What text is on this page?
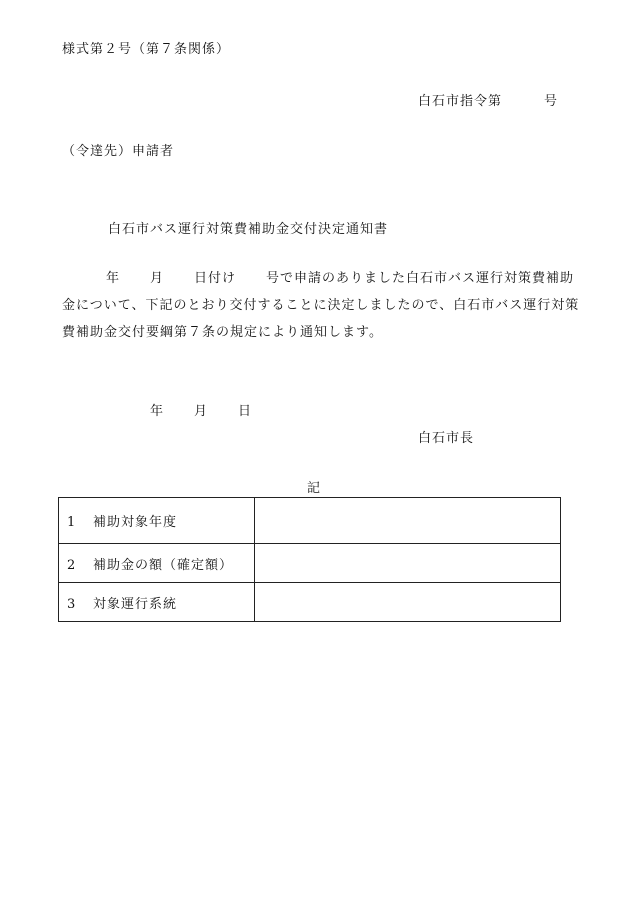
様式第２号（第７条関係）
白石市指令第	号
（令達先）申請者
白石市バス運行対策費補助金交付決定通知書
年 月 日付け 号で申請のありました白石市バス運行対策費補助金について、下記のとおり交付することに決定しましたので、白石市バス運行対策費補助金交付要綱第７条の規定により通知します。
年 月 日
白石市長
記
1 補助対象年度	
2 補助金の額（確定額）	
3 対象運行系統	
